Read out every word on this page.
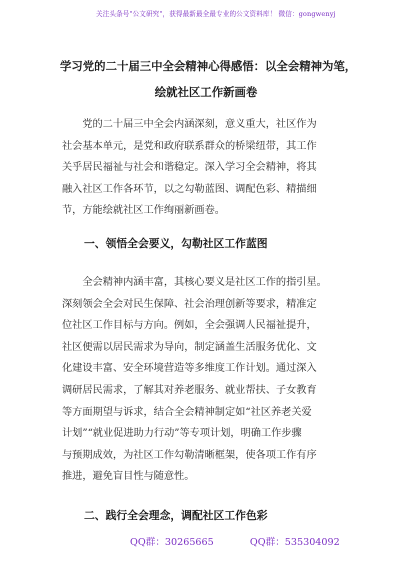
关注头条号"公文研究"，获得最新最全最专业的公文资料库！ 微信：gongwenyj
学习党的二十届三中全会精神心得感悟：以全会精神为笔，
绘就社区工作新画卷
　　党的二十届三中全会内涵深刻，意义重大，社区作为
社会基本单元，是党和政府联系群众的桥梁纽带，其工作
关乎居民福祉与社会和谐稳定。深入学习全会精神，将其
融入社区工作各环节，以之勾勒蓝图、调配色彩、精描细
节，方能绘就社区工作绚丽新画卷。
一、领悟全会要义，勾勒社区工作蓝图
　　全会精神内涵丰富，其核心要义是社区工作的指引星。
深刻领会全会对民生保障、社会治理创新等要求，精准定
位社区工作目标与方向。例如，全会强调人民福祉提升，
社区便需以居民需求为导向，制定涵盖生活服务优化、文
化建设丰富、安全环境营造等多维度工作计划。通过深入
调研居民需求，了解其对养老服务、就业帮扶、子女教育
等方面期望与诉求，结合全会精神制定如“社区养老关爱
计划”“就业促进助力行动”等专项计划，明确工作步骤
与预期成效，为社区工作勾勒清晰框架，使各项工作有序
推进，避免盲目性与随意性。
二、践行全会理念，调配社区工作色彩
QQ群：30265665	QQ群：535304092
